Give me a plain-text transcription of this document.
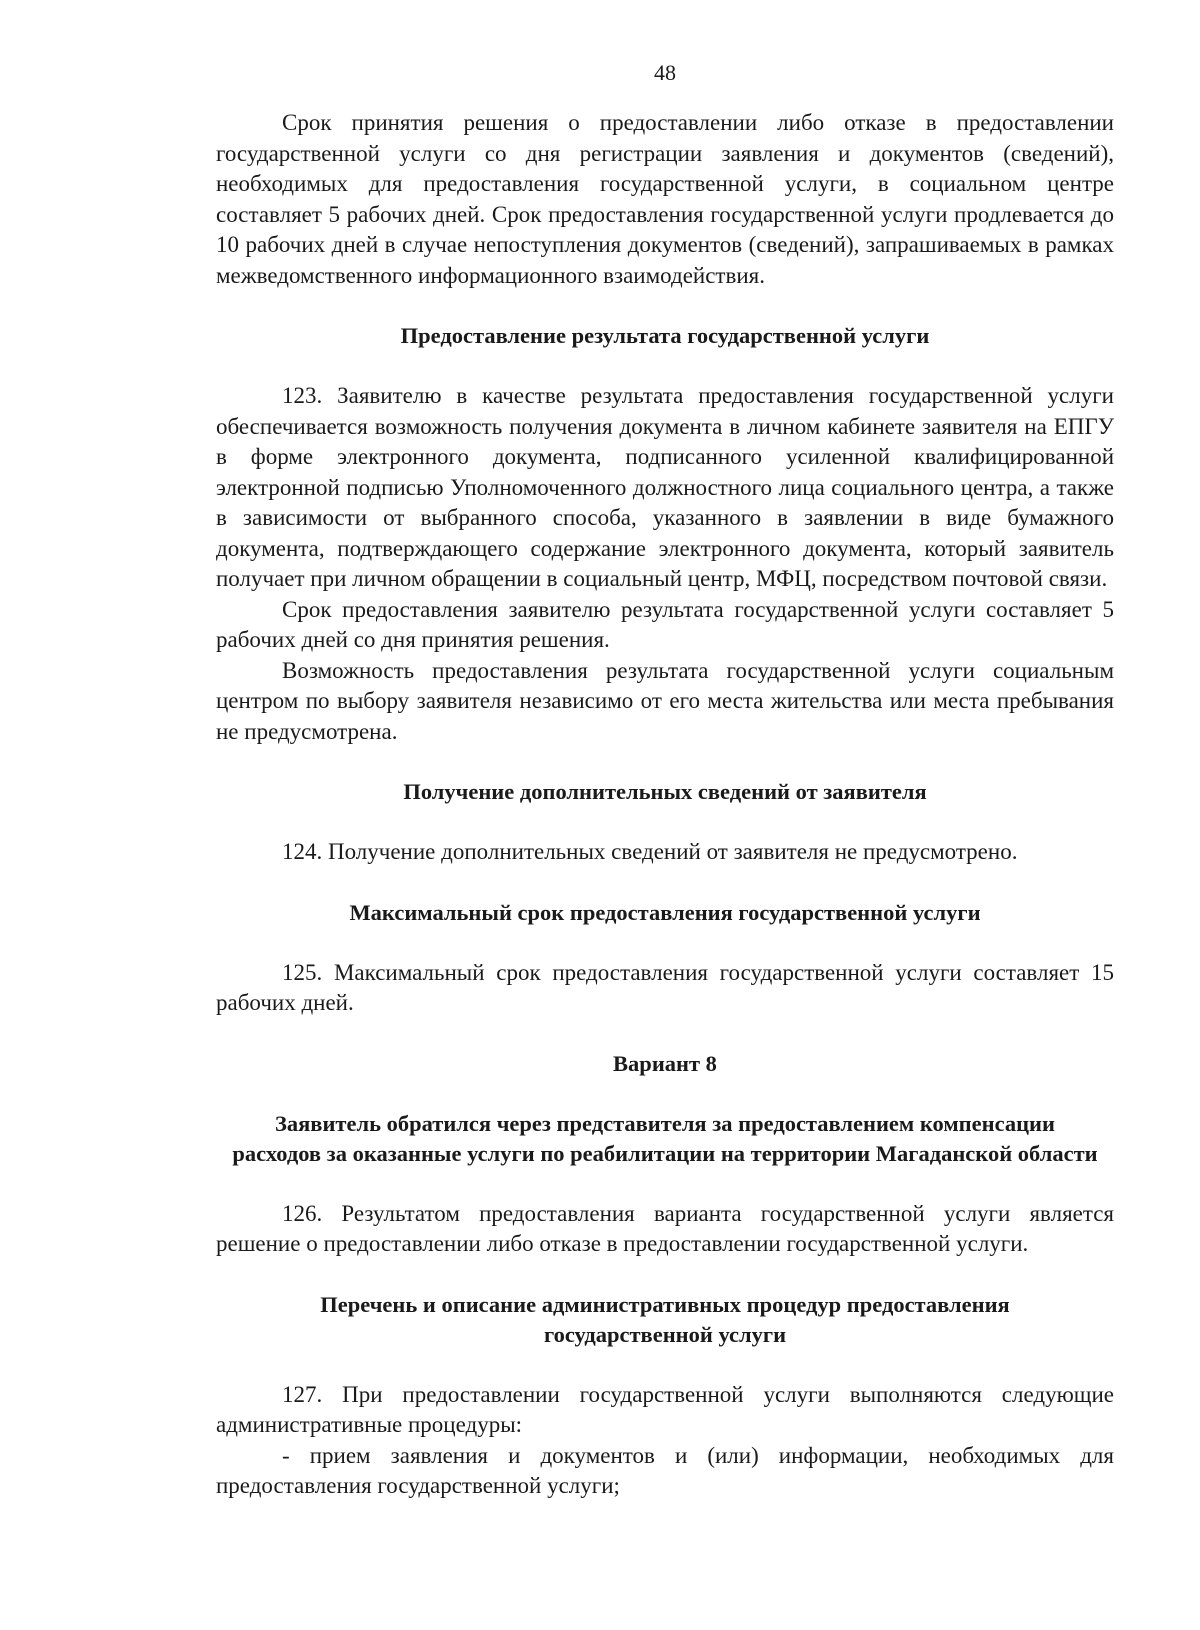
48

Срок принятия решения о предоставлении либо отказе в предоставлении государственной услуги со дня регистрации заявления и документов (сведений), необходимых для предоставления государственной услуги, в социальном центре составляет 5 рабочих дней. Срок предоставления государственной услуги продлевается до 10 рабочих дней в случае непоступления документов (сведений), запрашиваемых в рамках межведомственного информационного взаимодействия.

Предоставление результата государственной услуги

123. Заявителю в качестве результата предоставления государственной услуги обеспечивается возможность получения документа в личном кабинете заявителя на ЕПГУ в форме электронного документа, подписанного усиленной квалифицированной электронной подписью Уполномоченного должностного лица социального центра, а также в зависимости от выбранного способа, указанного в заявлении в виде бумажного документа, подтверждающего содержание электронного документа, который заявитель получает при личном обращении в социальный центр, МФЦ, посредством почтовой связи.

Срок предоставления заявителю результата государственной услуги составляет 5 рабочих дней со дня принятия решения.

Возможность предоставления результата государственной услуги социальным центром по выбору заявителя независимо от его места жительства или места пребывания не предусмотрена.

Получение дополнительных сведений от заявителя

124. Получение дополнительных сведений от заявителя не предусмотрено.

Максимальный срок предоставления государственной услуги

125. Максимальный срок предоставления государственной услуги составляет 15 рабочих дней.

Вариант 8

Заявитель обратился через представителя за предоставлением компенсации

расходов за оказанные услуги по реабилитации на территории Магаданской области

126. Результатом предоставления варианта государственной услуги является решение о предоставлении либо отказе в предоставлении государственной услуги.

Перечень и описание административных процедур предоставления

государственной услуги

127. При предоставлении государственной услуги выполняются следующие административные процедуры:

- прием заявления и документов и (или) информации, необходимых для предоставления государственной услуги;
